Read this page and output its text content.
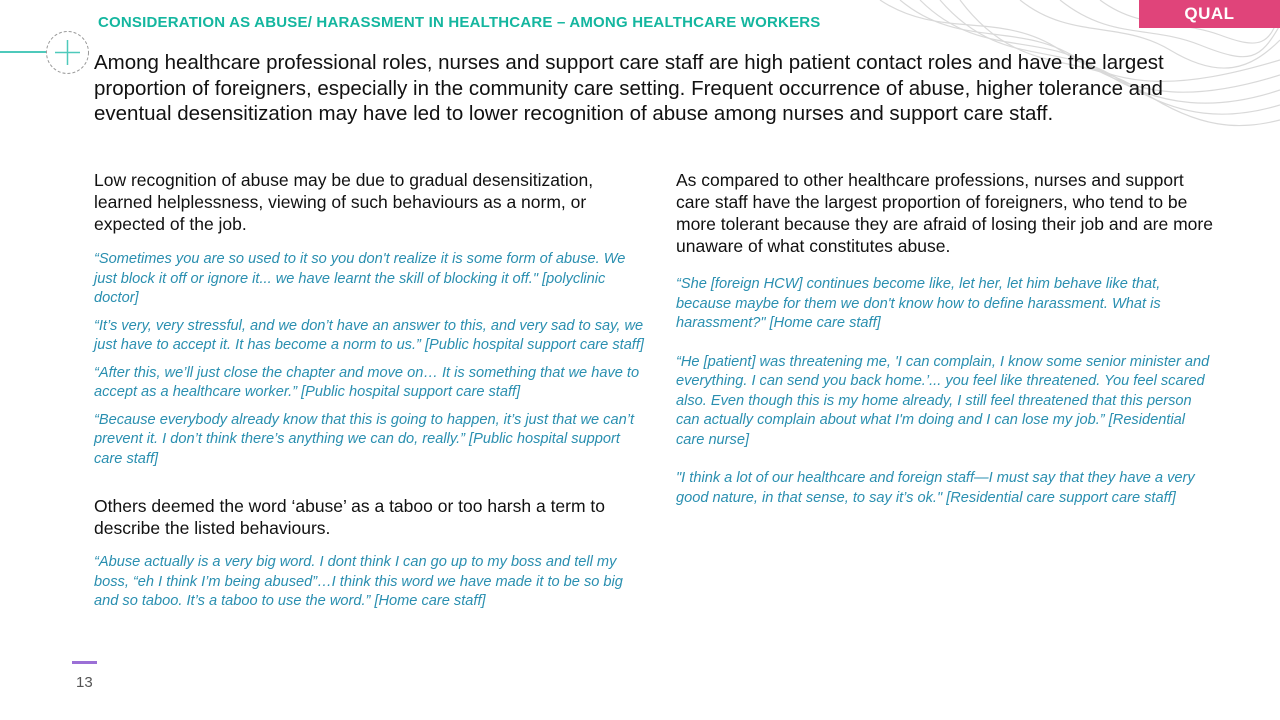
QUAL
CONSIDERATION AS ABUSE/ HARASSMENT IN HEALTHCARE – AMONG HEALTHCARE WORKERS

Among healthcare professional roles, nurses and support care staff are high patient contact roles and have the largest proportion of foreigners, especially in the community care setting. Frequent occurrence of abuse, higher tolerance and eventual desensitization may have led to lower recognition of abuse among nurses and support care staff.

Low recognition of abuse may be due to gradual desensitization, learned helplessness, viewing of such behaviours as a norm, or expected of the job.

“Sometimes you are so used to it so you don't realize it is some form of abuse. We just block it off or ignore it... we have learnt the skill of blocking it off." [polyclinic doctor]

“It’s very, very stressful, and we don’t have an answer to this, and very sad to say, we just have to accept it. It has become a norm to us.” [Public hospital support care staff]

“After this, we’ll just close the chapter and move on… It is something that we have to accept as a healthcare worker.” [Public hospital support care staff]

“Because everybody already know that this is going to happen, it’s just that we can’t prevent it. I don’t think there’s anything we can do, really.” [Public hospital support care staff]

Others deemed the word ‘abuse’ as a taboo or too harsh a term to describe the listed behaviours.

“Abuse actually is a very big word. I dont think I can go up to my boss and tell my boss, “eh I think I’m being abused”…I think this word we have made it to be so big and so taboo. It’s a taboo to use the word.” [Home care staff]

As compared to other healthcare professions, nurses and support care staff have the largest proportion of foreigners, who tend to be more tolerant because they are afraid of losing their job and are more unaware of what constitutes abuse.

“She [foreign HCW] continues become like, let her, let him behave like that, because maybe for them we don't know how to define harassment. What is harassment?" [Home care staff]

“He [patient] was threatening me, 'I can complain, I know some senior minister and everything. I can send you back home.’... you feel like threatened. You feel scared also. Even though this is my home already, I still feel threatened that this person can actually complain about what I'm doing and I can lose my job.” [Residential care nurse]

"I think a lot of our healthcare and foreign staff—I must say that they have a very good nature, in that sense, to say it’s ok." [Residential care support care staff]

13
